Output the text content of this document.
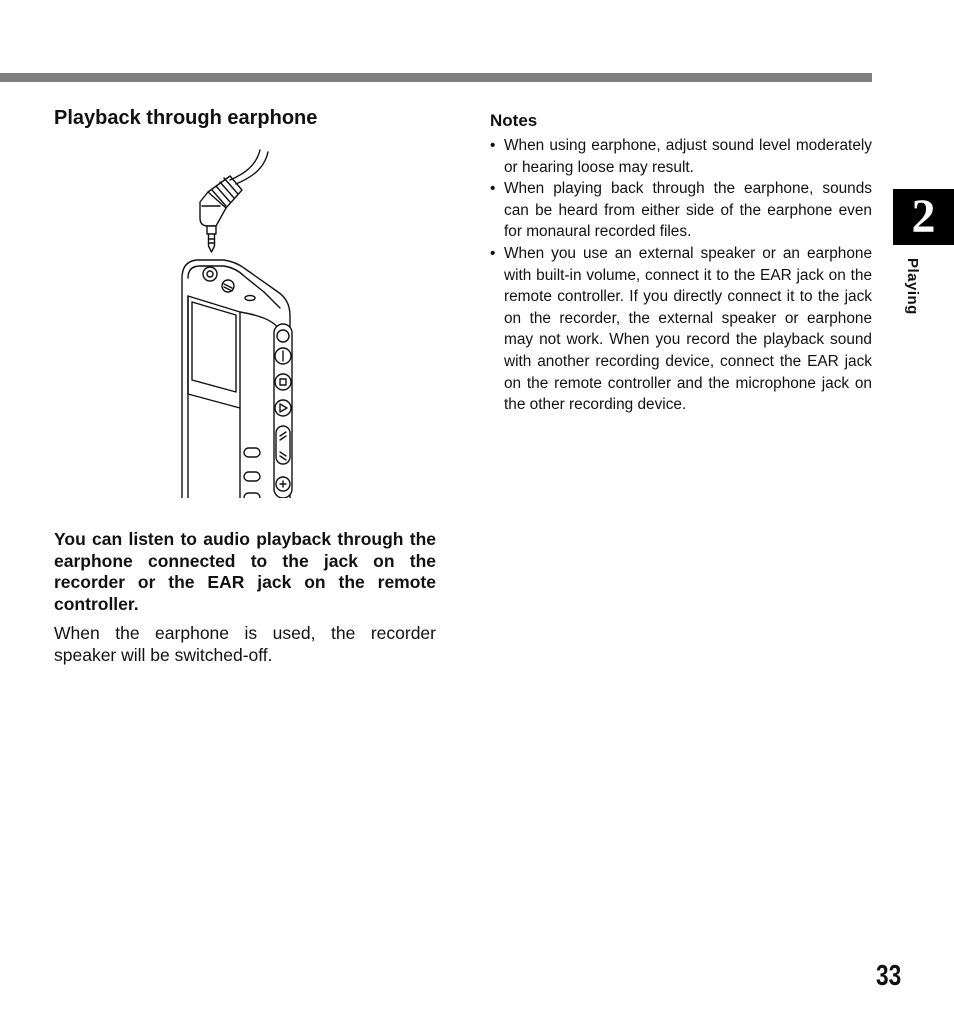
Playback through earphone

You can listen to audio playback through the earphone connected to the jack on the recorder or the EAR jack on the remote controller.

When the earphone is used, the recorder speaker will be switched-off.

Notes
• When using earphone, adjust sound level moderately or hearing loose may result.
• When playing back through the earphone, sounds can be heard from either side of the earphone even for monaural recorded files.
• When you use an external speaker or an earphone with built-in volume, connect it to the EAR jack on the remote controller. If you directly connect it to the jack on the recorder, the external speaker or earphone may not work. When you record the playback sound with another recording device, connect the EAR jack on the remote controller and the microphone jack on the other recording device.
2
Playing
33
